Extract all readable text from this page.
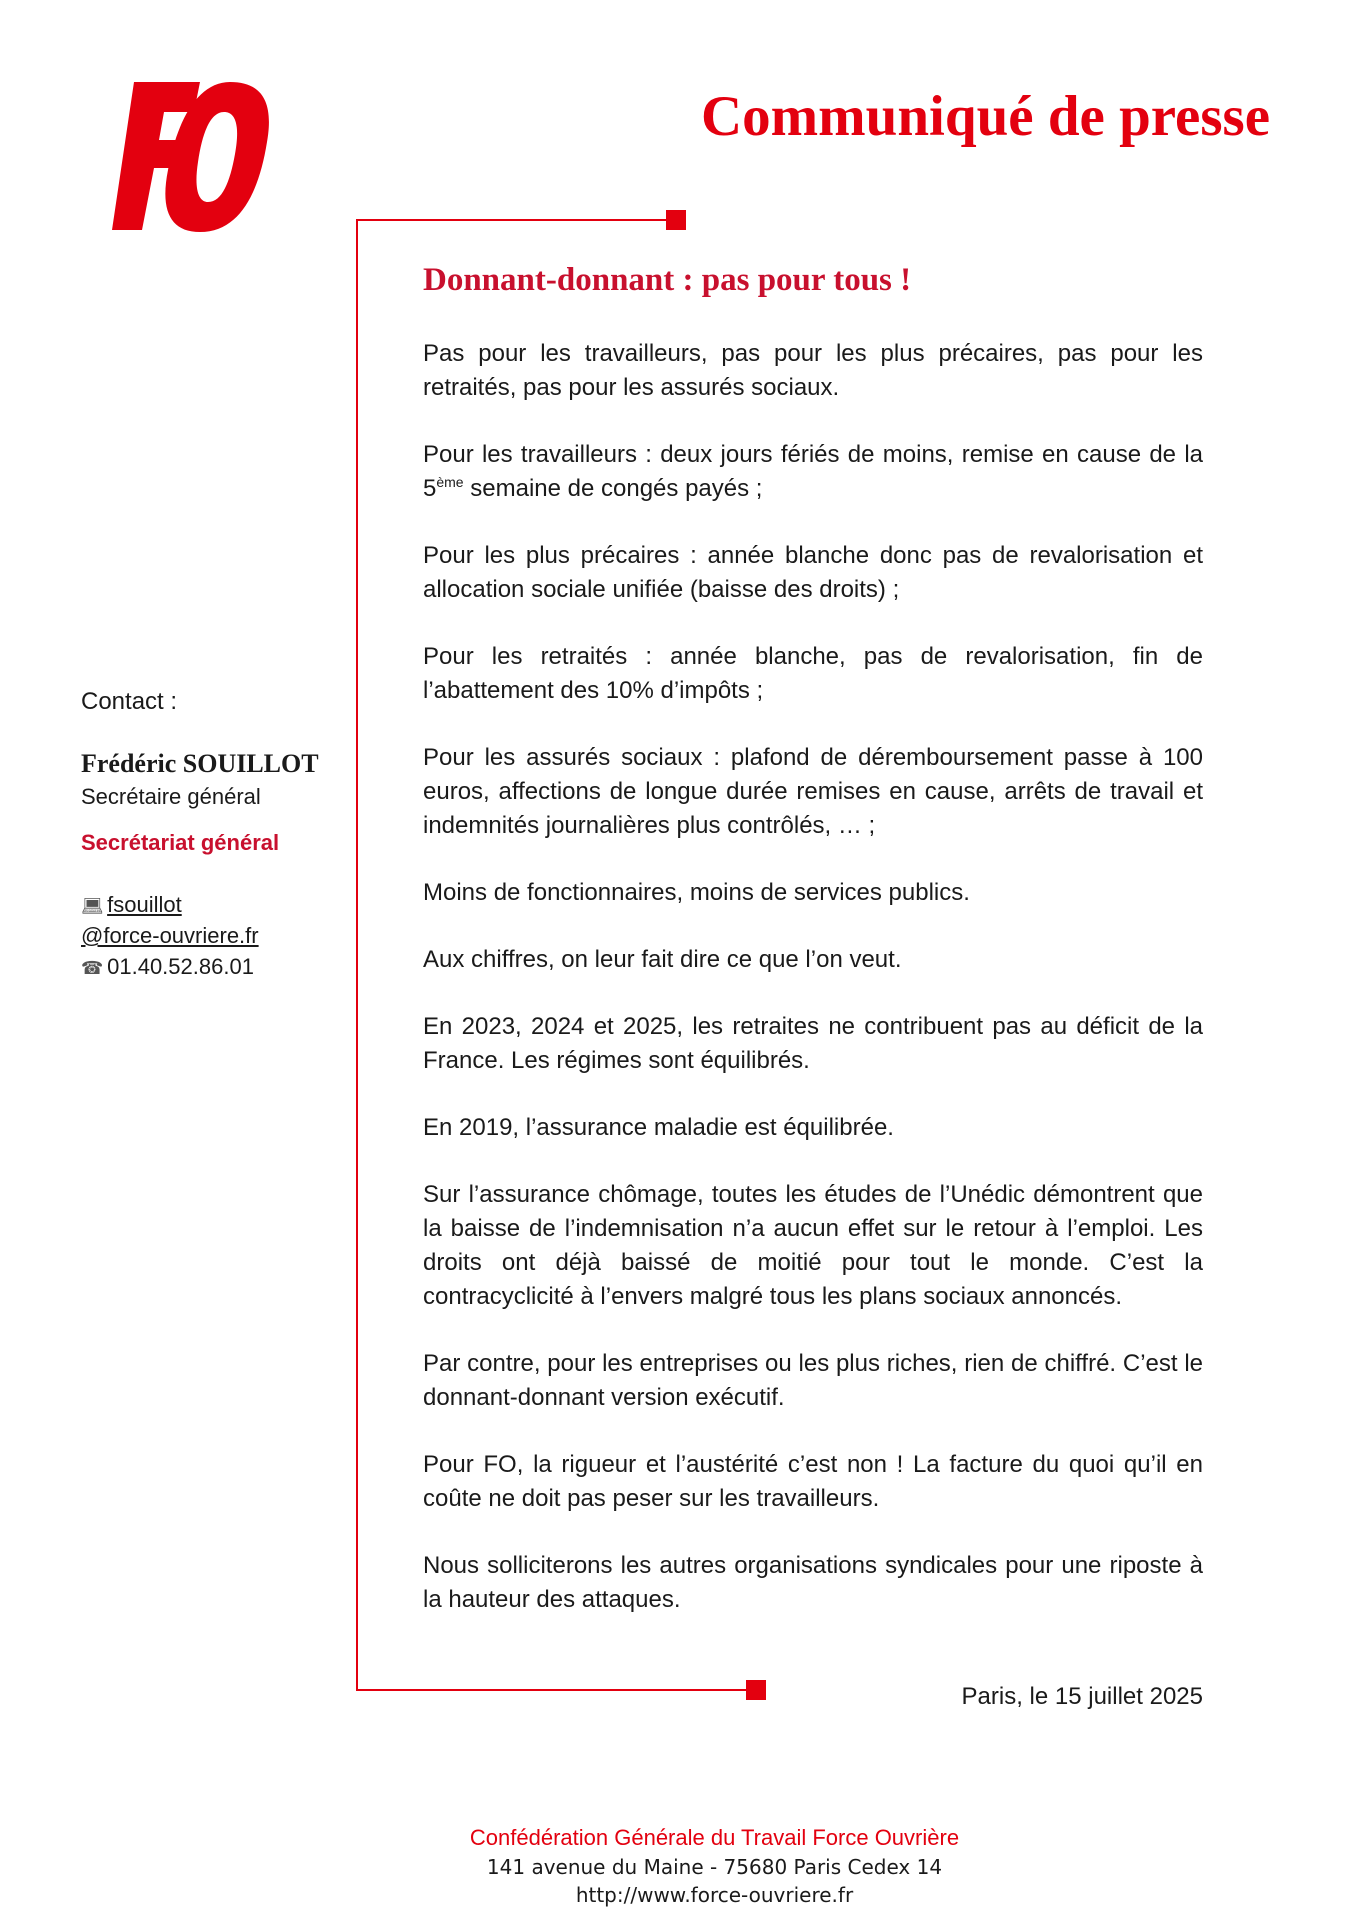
Communiqué de presse
Contact :
Frédéric SOUILLOT
Secrétaire général
Secrétariat général
💻︎ fsouillot
@force-ouvriere.fr
☎ 01.40.52.86.01
Donnant-donnant : pas pour tous !

Pas pour les travailleurs, pas pour les plus précaires, pas pour les retraités, pas pour les assurés sociaux.

Pour les travailleurs : deux jours fériés de moins, remise en cause de la 5ème semaine de congés payés ;

Pour les plus précaires : année blanche donc pas de revalorisation et allocation sociale unifiée (baisse des droits) ;

Pour les retraités : année blanche, pas de revalorisation, fin de l’abattement des 10% d’impôts ;

Pour les assurés sociaux : plafond de déremboursement passe à 100 euros, affections de longue durée remises en cause, arrêts de travail et indemnités journalières plus contrôlés, … ;

Moins de fonctionnaires, moins de services publics.

Aux chiffres, on leur fait dire ce que l’on veut.

En 2023, 2024 et 2025, les retraites ne contribuent pas au déficit de la France. Les régimes sont équilibrés.

En 2019, l’assurance maladie est équilibrée.

Sur l’assurance chômage, toutes les études de l’Unédic démontrent que la baisse de l’indemnisation n’a aucun effet sur le retour à l’emploi. Les droits ont déjà baissé de moitié pour tout le monde. C’est la contracyclicité à l’envers malgré tous les plans sociaux annoncés.

Par contre, pour les entreprises ou les plus riches, rien de chiffré. C’est le donnant-donnant version exécutif.

Pour FO, la rigueur et l’austérité c’est non ! La facture du quoi qu’il en coûte ne doit pas peser sur les travailleurs.

Nous solliciterons les autres organisations syndicales pour une riposte à la hauteur des attaques.

Paris, le 15 juillet 2025
Confédération Générale du Travail Force Ouvrière
141 avenue du Maine - 75680 Paris Cedex 14
http://www.force-ouvriere.fr
